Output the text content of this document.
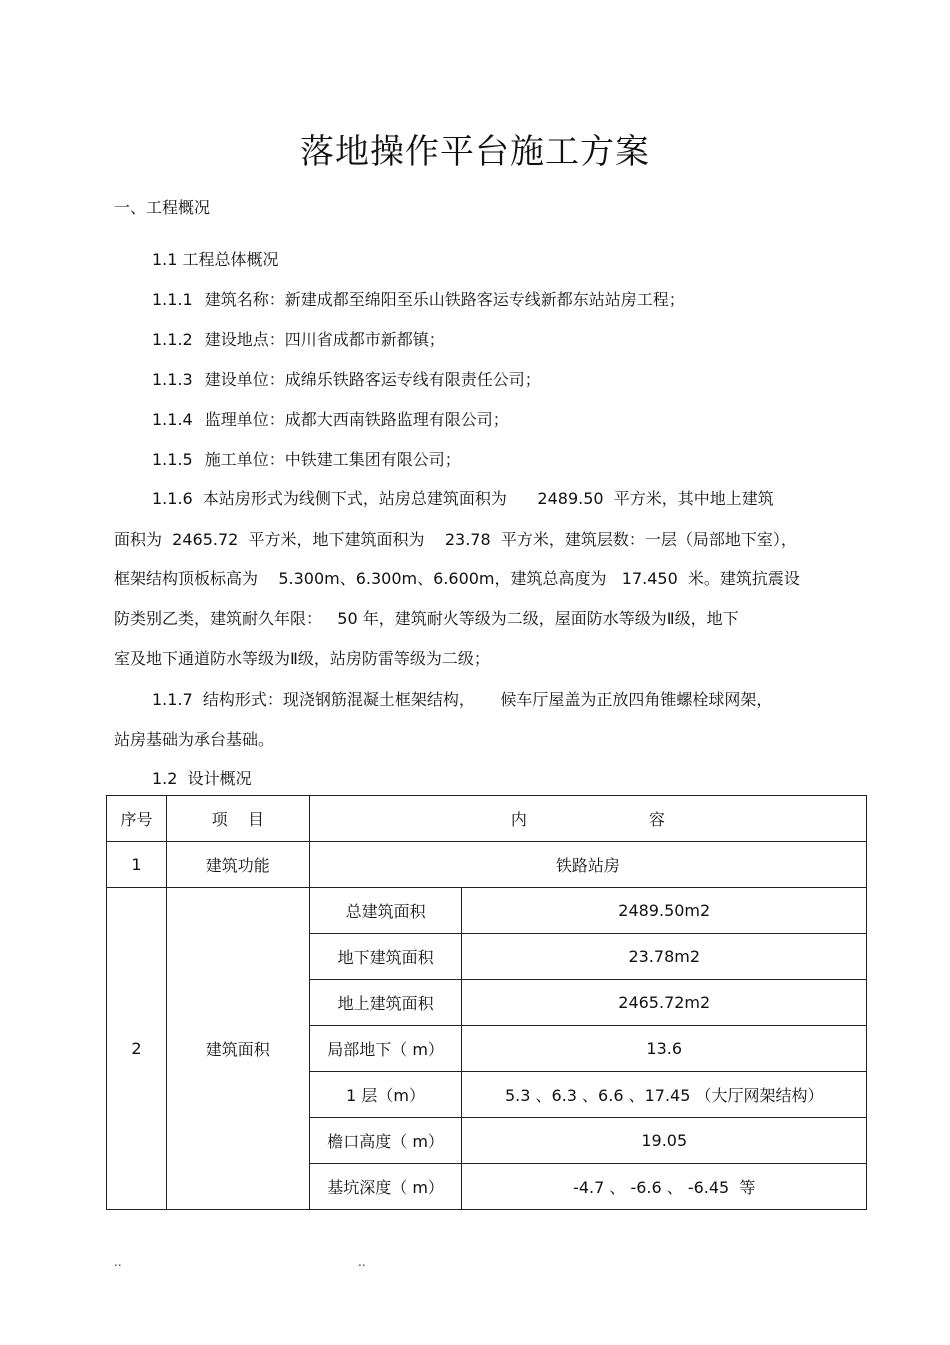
落地操作平台施工方案
一、工程概况
1.1 工程总体概况
1.1.1 建筑名称：新建成都至绵阳至乐山铁路客运专线新都东站站房工程；
1.1.2 建设地点：四川省成都市新都镇；
1.1.3 建设单位：成绵乐铁路客运专线有限责任公司；
1.1.4 监理单位：成都大西南铁路监理有限公司；
1.1.5 施工单位：中铁建工集团有限公司；
1.1.6  本站房形式为线侧下式，站房总建筑面积为      2489.50  平方米，其中地上建筑
面积为  2465.72  平方米，地下建筑面积为    23.78  平方米，建筑层数：一层（局部地下室），
框架结构顶板标高为    5.300m、6.300m、6.600m，建筑总高度为   17.450  米。建筑抗震设
防类别乙类，建筑耐久年限：   50 年，建筑耐火等级为二级，屋面防水等级为Ⅱ级，地下
室及地下通道防水等级为Ⅱ级，站房防雷等级为二级；
1.1.7  结构形式：现浇钢筋混凝土框架结构，     候车厅屋盖为正放四角锥螺栓球网架，
站房基础为承台基础。
1.2  设计概况
序号	项    目	内                        容	
1	建筑功能	铁路站房	
2	建筑面积	总建筑面积	2489.50m2
		地下建筑面积	23.78m2
		地上建筑面积	2465.72m2
		局部地下（ m）	13.6
		1 层（m）	5.3 、6.3 、6.6 、17.45 （大厅网架结构）
		檐口高度（ m）	19.05
		基坑深度（ m）	-4.7 、 -6.6 、 -6.45  等
..	..
